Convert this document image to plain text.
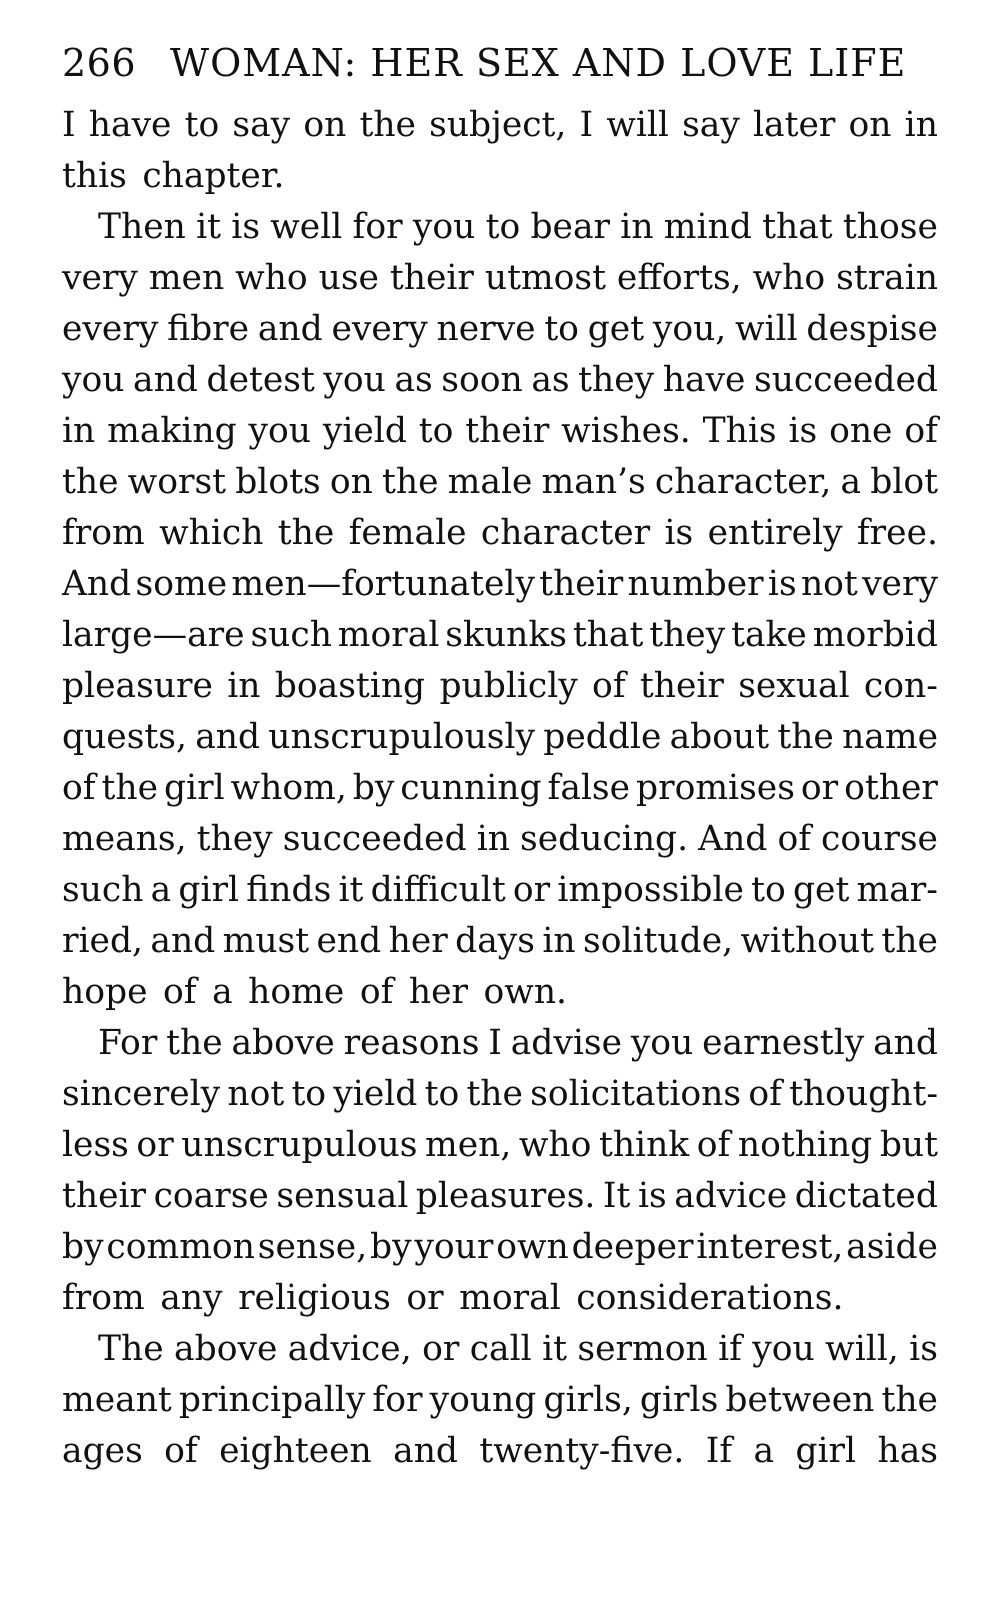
266 WOMAN: HER SEX AND LOVE LIFE
I have to say on the subject, I will say later on in
this chapter.
Then it is well for you to bear in mind that those
very men who use their utmost efforts, who strain
every fibre and every nerve to get you, will despise
you and detest you as soon as they have succeeded
in making you yield to their wishes. This is one of
the worst blots on the male man’s character, a blot
from which the female character is entirely free.
And some men—fortunately their number is not very
large—are such moral skunks that they take morbid
pleasure in boasting publicly of their sexual con-
quests, and unscrupulously peddle about the name
of the girl whom, by cunning false promises or other
means, they succeeded in seducing. And of course
such a girl finds it difficult or impossible to get mar-
ried, and must end her days in solitude, without the
hope of a home of her own.
For the above reasons I advise you earnestly and
sincerely not to yield to the solicitations of thought-
less or unscrupulous men, who think of nothing but
their coarse sensual pleasures. It is advice dictated
by common sense, by your own deeper interest, aside
from any religious or moral considerations.
The above advice, or call it sermon if you will, is
meant principally for young girls, girls between the
ages of eighteen and twenty-five. If a girl has
